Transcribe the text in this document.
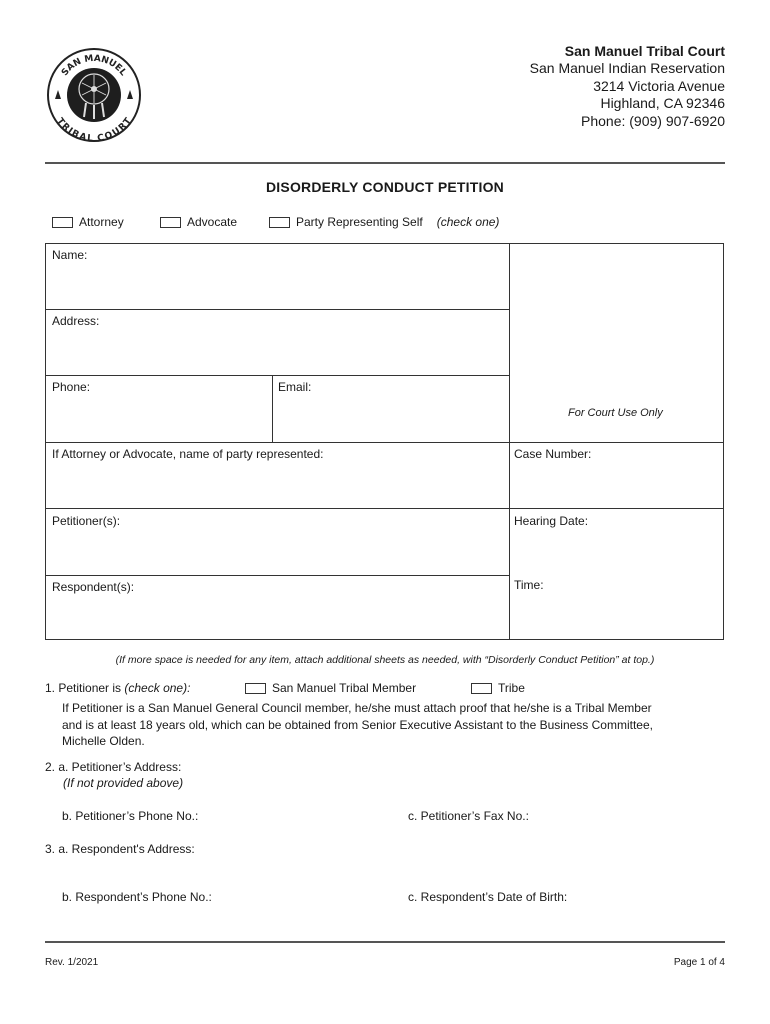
SAN MANUEL
TRIBAL COURT
San Manuel Tribal Court
San Manuel Indian Reservation
3214 Victoria Avenue
Highland, CA 92346
Phone: (909) 907-6920
DISORDERLY CONDUCT PETITION
Attorney	Advocate	Party Representing Self (check one)
Name:
Address:
Phone:	Email:
For Court Use Only
If Attorney or Advocate, name of party represented:	Case Number:
Petitioner(s):	Hearing Date:
Respondent(s):	Time:
(If more space is needed for any item, attach additional sheets as needed, with “Disorderly Conduct Petition” at top.)
1. Petitioner is (check one):	San Manuel Tribal Member	Tribe
If Petitioner is a San Manuel General Council member, he/she must attach proof that he/she is a Tribal Member
and is at least 18 years old, which can be obtained from Senior Executive Assistant to the Business Committee,
Michelle Olden.
2. a. Petitioner’s Address:
(If not provided above)
b. Petitioner’s Phone No.:	c. Petitioner’s Fax No.:
3. a. Respondent's Address:
b. Respondent’s Phone No.:	c. Respondent’s Date of Birth:
Rev. 1/2021	Page 1 of 4
